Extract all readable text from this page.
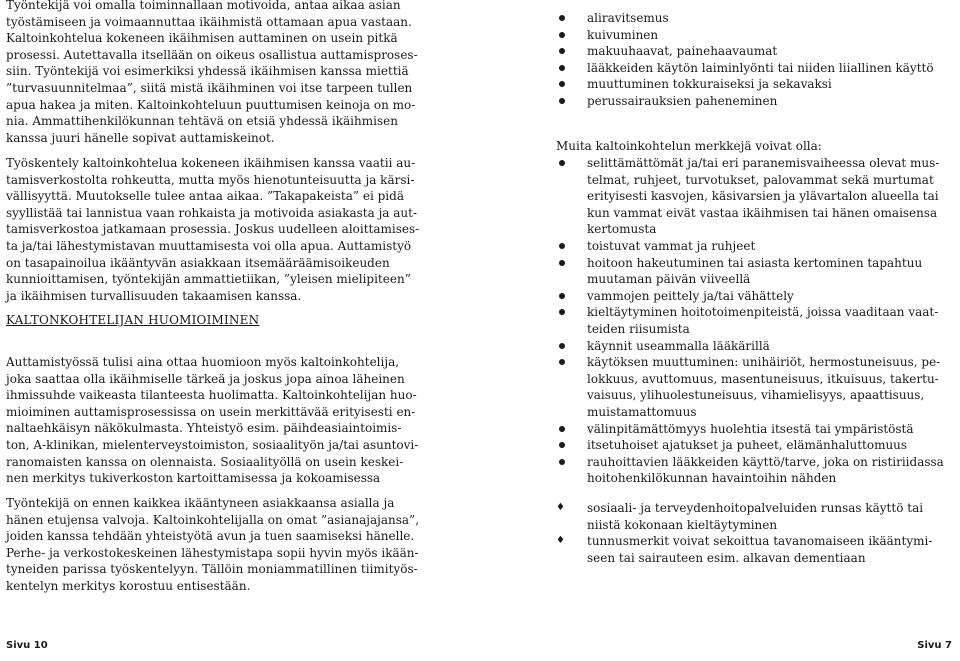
Työntekijä voi omalla toiminnallaan motivoida, antaa aikaa asian
työstämiseen ja voimaannuttaa ikäihmistä ottamaan apua vastaan.
Kaltoinkohtelua kokeneen ikäihmisen auttaminen on usein pitkä
prosessi. Autettavalla itsellään on oikeus osallistua auttamisproses-
siin. Työntekijä voi esimerkiksi yhdessä ikäihmisen kanssa miettiä
”turvasuunnitelmaa”, siitä mistä ikäihminen voi itse tarpeen tullen
apua hakea ja miten. Kaltoinkohteluun puuttumisen keinoja on mo-
nia. Ammattihenkilökunnan tehtävä on etsiä yhdessä ikäihmisen
kanssa juuri hänelle sopivat auttamiskeinot.
Työskentely kaltoinkohtelua kokeneen ikäihmisen kanssa vaatii au-
tamisverkostolta rohkeutta, mutta myös hienotunteisuutta ja kärsi-
vällisyyttä. Muutokselle tulee antaa aikaa. ”Takapakeista” ei pidä
syyllistää tai lannistua vaan rohkaista ja motivoida asiakasta ja aut-
tamisverkostoa jatkamaan prosessia. Joskus uudelleen aloittamises-
ta ja/tai lähestymistavan muuttamisesta voi olla apua. Auttamistyö
on tasapainoilua ikääntyvän asiakkaan itsemääräämisoikeuden
kunnioittamisen, työntekijän ammattietiikan, ”yleisen mielipiteen”
ja ikäihmisen turvallisuuden takaamisen kanssa.
KALTONKOHTELIJAN HUOMIOIMINEN
Auttamistyössä tulisi aina ottaa huomioon myös kaltoinkohtelija,
joka saattaa olla ikäihmiselle tärkeä ja joskus jopa ainoa läheinen
ihmissuhde vaikeasta tilanteesta huolimatta. Kaltoinkohtelijan huo-
mioiminen auttamisprosessissa on usein merkittävää erityisesti en-
naltaehkäisyn näkökulmasta. Yhteistyö esim. päihdeasiaintoimis-
ton, A-klinikan, mielenterveystoimiston, sosiaalityön ja/tai asuntovi-
ranomaisten kanssa on olennaista. Sosiaalityöllä on usein keskei-
nen merkitys tukiverkoston kartoittamisessa ja kokoamisessa
Työntekijä on ennen kaikkea ikääntyneen asiakkaansa asialla ja
hänen etujensa valvoja. Kaltoinkohtelijalla on omat ”asianajajansa”,
joiden kanssa tehdään yhteistyötä avun ja tuen saamiseksi hänelle.
Perhe- ja verkostokeskeinen lähestymistapa sopii hyvin myös ikään-
tyneiden parissa työskentelyyn. Tällöin moniammatillinen tiimityös-
kentelyn merkitys korostuu entisestään.
aliravitsemus
kuivuminen
makuuhaavat, painehaavaumat
lääkkeiden käytön laiminlyönti tai niiden liiallinen käyttö
muuttuminen tokkuraiseksi ja sekavaksi
perussairauksien paheneminen
Muita kaltoinkohtelun merkkejä voivat olla:
selittämättömät ja/tai eri paranemisvaiheessa olevat mus-
telmat, ruhjeet, turvotukset, palovammat sekä murtumat
erityisesti kasvojen, käsivarsien ja ylävartalon alueella tai
kun vammat eivät vastaa ikäihmisen tai hänen omaisensa
kertomusta
toistuvat vammat ja ruhjeet
hoitoon hakeutuminen tai asiasta kertominen tapahtuu
muutaman päivän viiveellä
vammojen peittely ja/tai vähättely
kieltäytyminen hoitotoimenpiteistä, joissa vaaditaan vaat-
teiden riisumista
käynnit useammalla lääkärillä
käytöksen muuttuminen: unihäiriöt, hermostuneisuus, pe-
lokkuus, avuttomuus, masentuneisuus, itkuisuus, takertu-
vaisuus, ylihuolestuneisuus, vihamielisyys, apaattisuus,
muistamattomuus
välinpitämättömyys huolehtia itsestä tai ympäristöstä
itsetuhoiset ajatukset ja puheet, elämänhaluttomuus
rauhoittavien lääkkeiden käyttö/tarve, joka on ristiriidassa
hoitohenkilökunnan havaintoihin nähden
♦	sosiaali- ja terveydenhoitopalveluiden runsas käyttö tai
niistä kokonaan kieltäytyminen
♦	tunnusmerkit voivat sekoittua tavanomaiseen ikääntymi-
seen tai sairauteen esim. alkavan dementiaan
Sivu 10	Sivu 7
